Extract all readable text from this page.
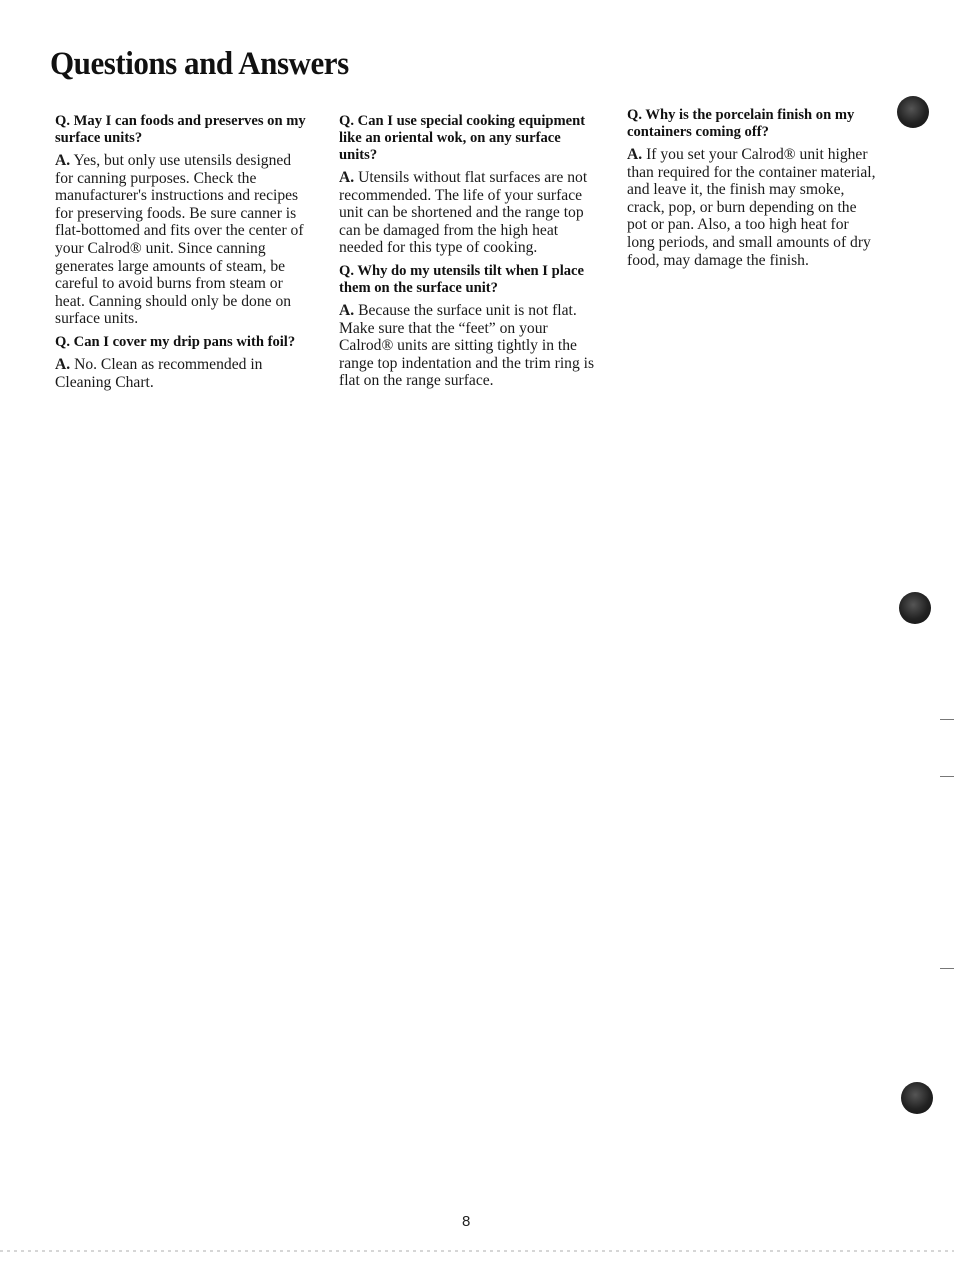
Questions and Answers

Q. May I can foods and preserves on my surface units?

A. Yes, but only use utensils designed for canning purposes. Check the manufacturer's instructions and recipes for preserving foods. Be sure canner is flat-bottomed and fits over the center of your Calrod® unit. Since canning generates large amounts of steam, be careful to avoid burns from steam or heat. Canning should only be done on surface units.

Q. Can I cover my drip pans with foil?

A. No. Clean as recommended in Cleaning Chart.

Q. Can I use special cooking equipment like an oriental wok, on any surface units?

A. Utensils without flat surfaces are not recommended. The life of your surface unit can be shortened and the range top can be damaged from the high heat needed for this type of cooking.

Q. Why do my utensils tilt when I place them on the surface unit?

A. Because the surface unit is not flat. Make sure that the “feet” on your Calrod® units are sitting tightly in the range top indentation and the trim ring is flat on the range surface.

Q. Why is the porcelain finish on my containers coming off?

A. If you set your Calrod® unit higher than required for the container material, and leave it, the finish may smoke, crack, pop, or burn depending on the pot or pan. Also, a too high heat for long periods, and small amounts of dry food, may damage the finish.

8
